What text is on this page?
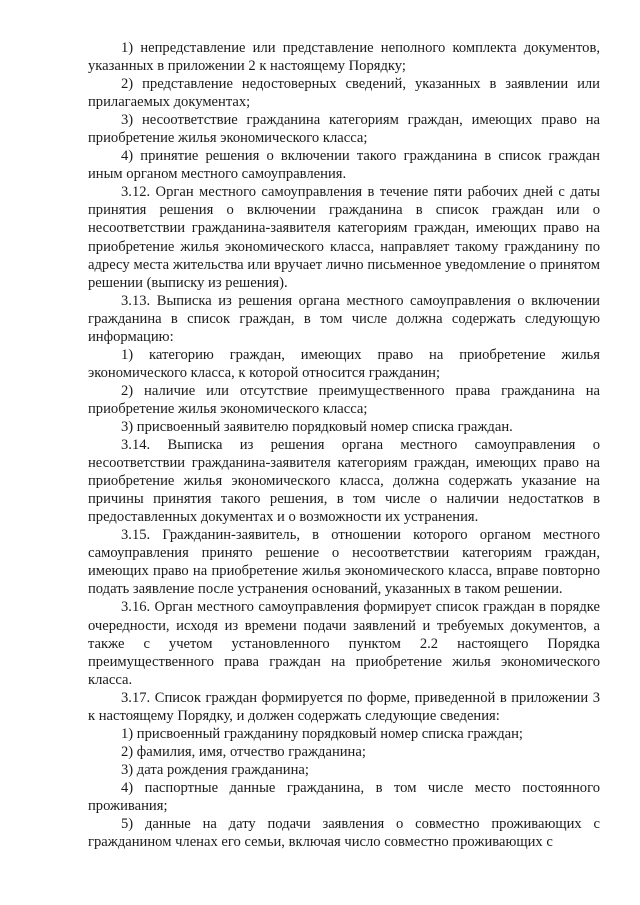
1) непредставление или представление неполного комплекта документов, указанных в приложении 2 к настоящему Порядку;

2) представление недостоверных сведений, указанных в заявлении или прилагаемых документах;

3) несоответствие гражданина категориям граждан, имеющих право на приобретение жилья экономического класса;

4) принятие решения о включении такого гражданина в список граждан иным органом местного самоуправления.

3.12. Орган местного самоуправления в течение пяти рабочих дней с даты принятия решения о включении гражданина в список граждан или о несоответствии гражданина-заявителя категориям граждан, имеющих право на приобретение жилья экономического класса, направляет такому гражданину по адресу места жительства или вручает лично письменное уведомление о принятом решении (выписку из решения).

3.13. Выписка из решения органа местного самоуправления о включении гражданина в список граждан, в том числе должна содержать следующую информацию:

1) категорию граждан, имеющих право на приобретение жилья экономического класса, к которой относится гражданин;

2) наличие или отсутствие преимущественного права гражданина на приобретение жилья экономического класса;

3) присвоенный заявителю порядковый номер списка граждан.

3.14. Выписка из решения органа местного самоуправления о несоответствии гражданина-заявителя категориям граждан, имеющих право на приобретение жилья экономического класса, должна содержать указание на причины принятия такого решения, в том числе о наличии недостатков в предоставленных документах и о возможности их устранения.

3.15. Гражданин-заявитель, в отношении которого органом местного самоуправления принято решение о несоответствии категориям граждан, имеющих право на приобретение жилья экономического класса, вправе повторно подать заявление после устранения оснований, указанных в таком решении.

3.16. Орган местного самоуправления формирует список граждан в порядке очередности, исходя из времени подачи заявлений и требуемых документов, а также с учетом установленного пунктом 2.2 настоящего Порядка преимущественного права граждан на приобретение жилья экономического класса.

3.17. Список граждан формируется по форме, приведенной в приложении 3 к настоящему Порядку, и должен содержать следующие сведения:

1) присвоенный гражданину порядковый номер списка граждан;

2) фамилия, имя, отчество гражданина;

3) дата рождения гражданина;

4) паспортные данные гражданина, в том числе место постоянного проживания;

5) данные на дату подачи заявления о совместно проживающих с гражданином членах его семьи, включая число совместно проживающих с
